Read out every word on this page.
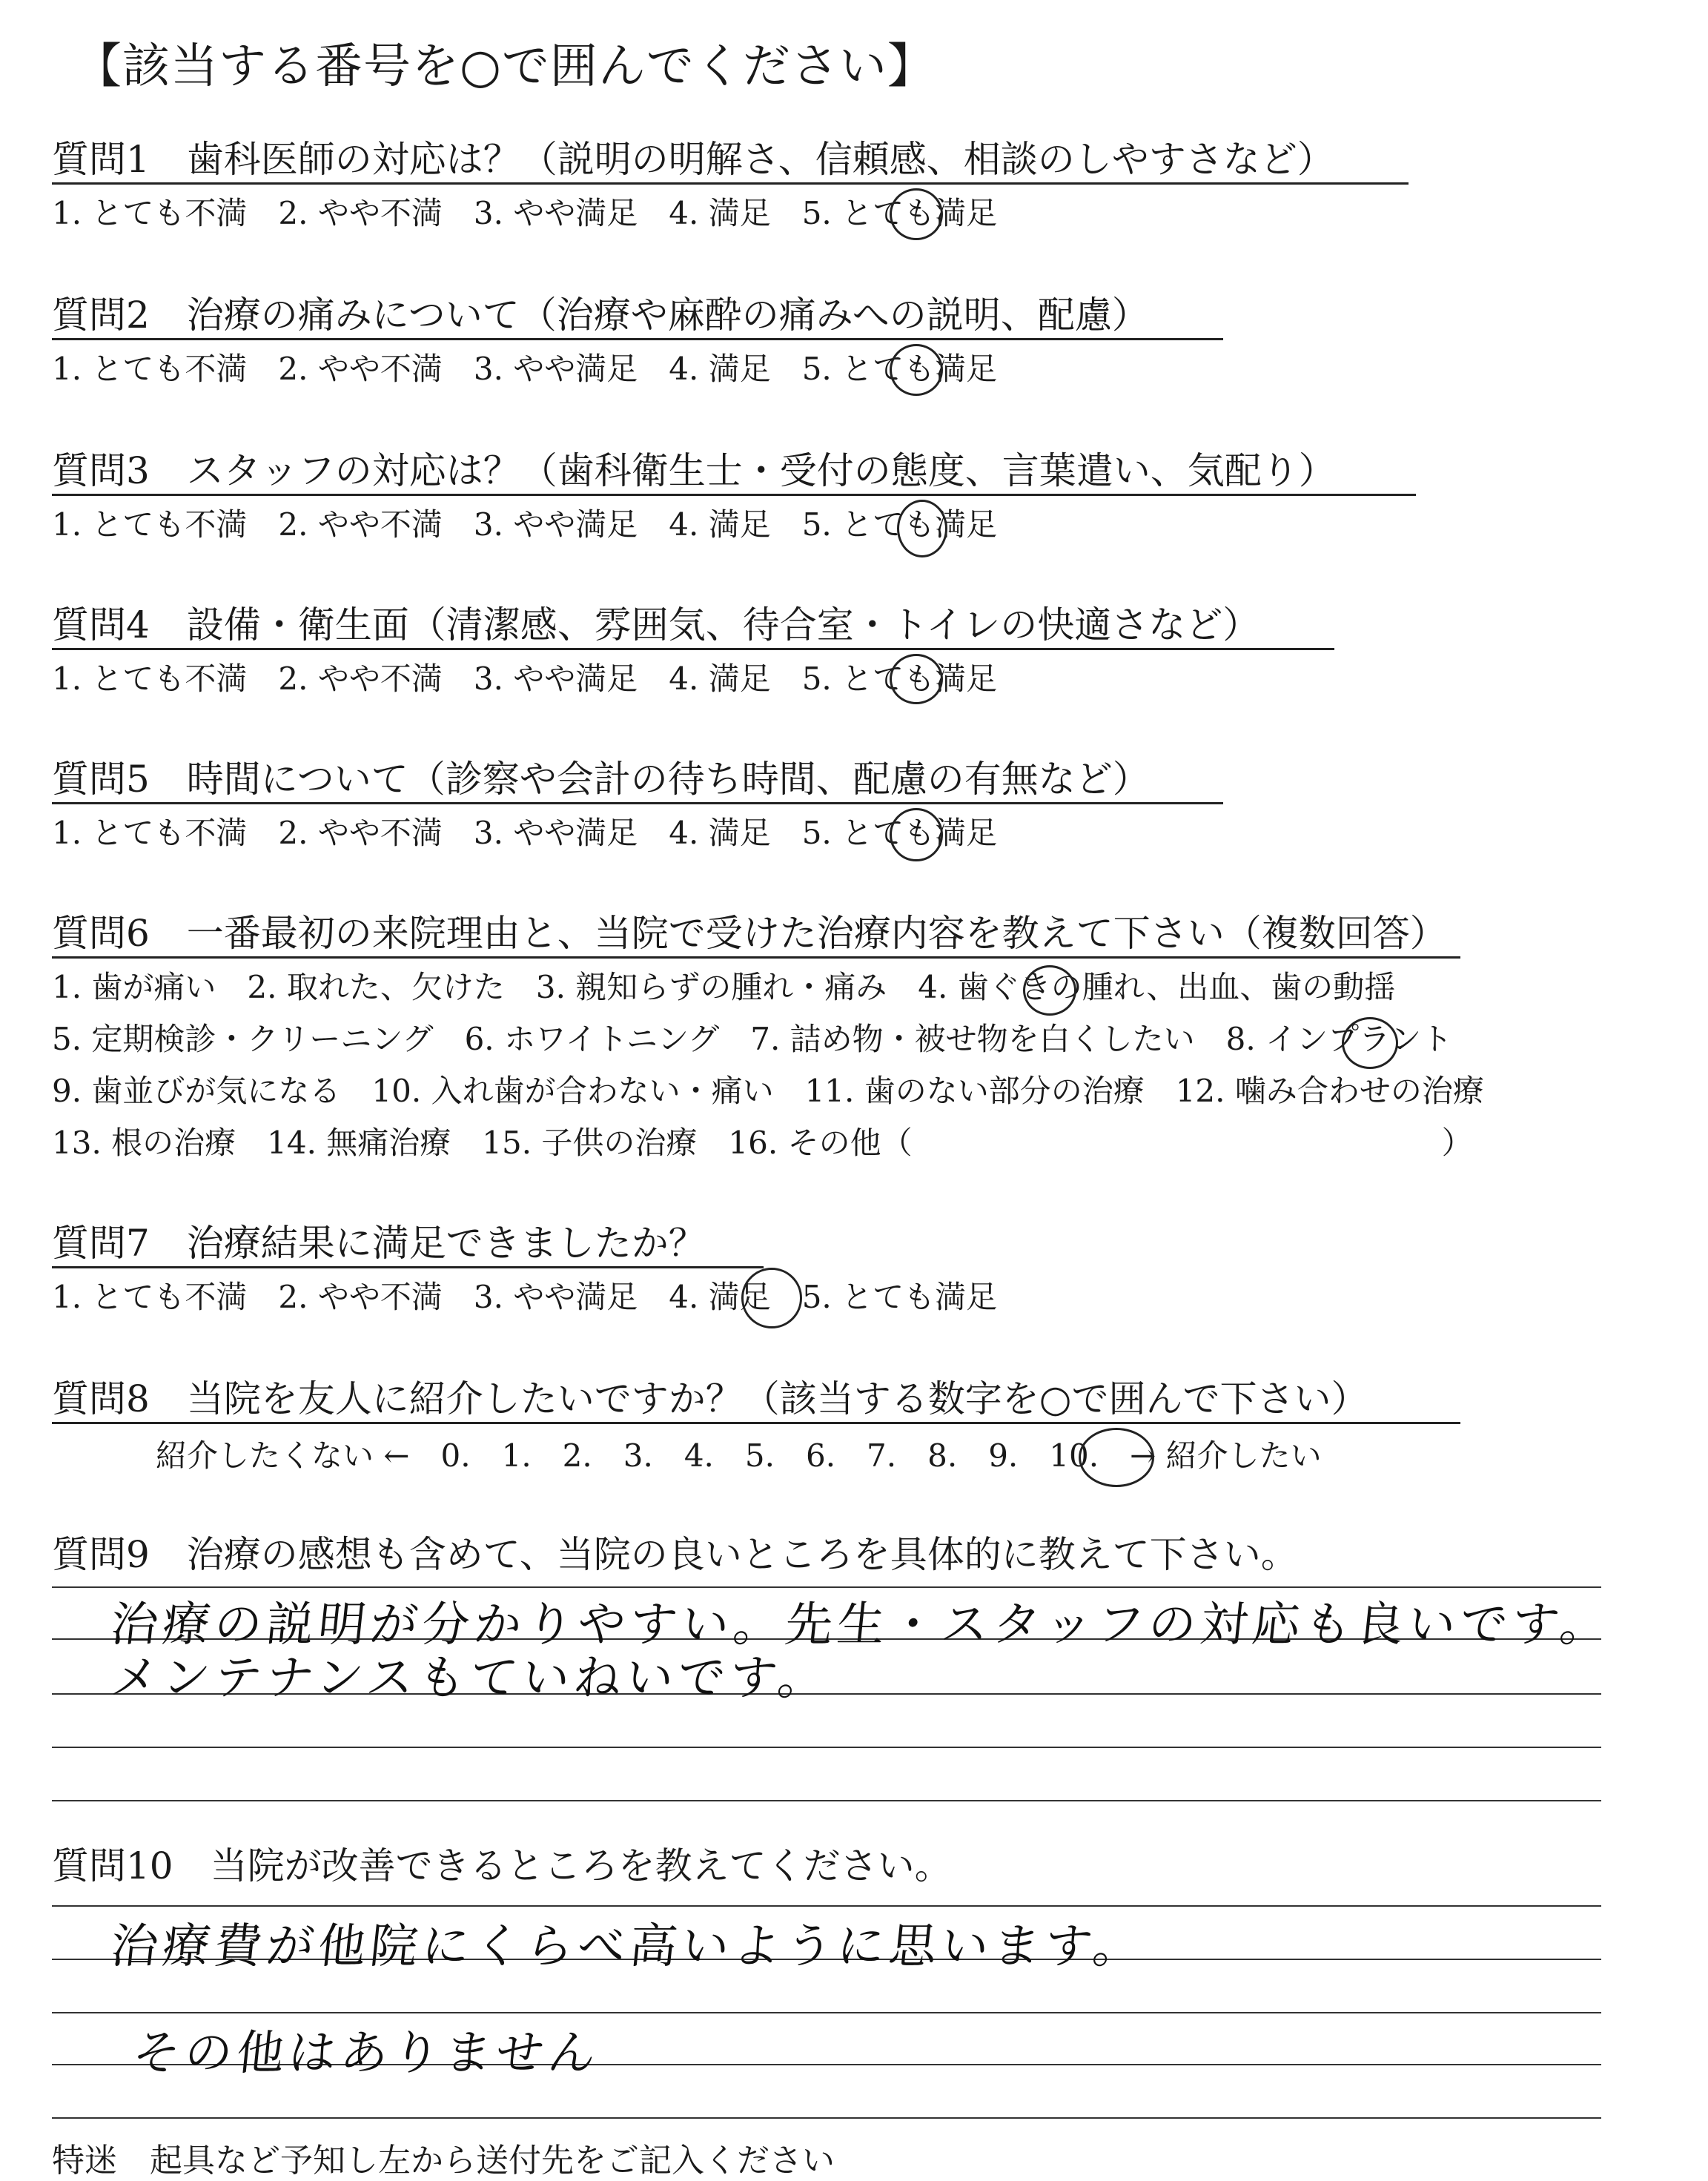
【該当する番号を○で囲んでください】
質問1　歯科医師の対応は？（説明の明解さ、信頼感、相談のしやすさなど）
1. とても不満　2. やや不満　3. やや満足　4. 満足　5. とても満足
質問2　治療の痛みについて（治療や麻酔の痛みへの説明、配慮）
1. とても不満　2. やや不満　3. やや満足　4. 満足　5. とても満足
質問3　スタッフの対応は？（歯科衛生士・受付の態度、言葉遣い、気配り）
1. とても不満　2. やや不満　3. やや満足　4. 満足　5. とても満足
質問4　設備・衛生面（清潔感、雰囲気、待合室・トイレの快適さなど）
1. とても不満　2. やや不満　3. やや満足　4. 満足　5. とても満足
質問5　時間について（診察や会計の待ち時間、配慮の有無など）
1. とても不満　2. やや不満　3. やや満足　4. 満足　5. とても満足
質問6　一番最初の来院理由と、当院で受けた治療内容を教えて下さい（複数回答）
1. 歯が痛い　2. 取れた、欠けた　3. 親知らずの腫れ・痛み　4. 歯ぐきの腫れ、出血、歯の動揺
5. 定期検診・クリーニング　6. ホワイトニング　7. 詰め物・被せ物を白くしたい　8. インプラント
9. 歯並びが気になる　10. 入れ歯が合わない・痛い　11. 歯のない部分の治療　12. 噛み合わせの治療
13. 根の治療　14. 無痛治療　15. 子供の治療　16. その他（　　　　　　　　　　　　　　　　　）
質問7　治療結果に満足できましたか？
1. とても不満　2. やや不満　3. やや満足　4. 満足　5. とても満足
質問8　当院を友人に紹介したいですか？（該当する数字を○で囲んで下さい）
紹介したくない ←　0.　1.　2.　3.　4.　5.　6.　7.　8.　9.　10.　→ 紹介したい
質問9　治療の感想も含めて、当院の良いところを具体的に教えて下さい。
治療の説明が分かりやすい。先生・スタッフの対応も良いです。
メンテナンスもていねいです。
質問10　当院が改善できるところを教えてください。
治療費が他院にくらべ高いように思います。
その他はありません
特迷　起具など予知し左から送付先をご記入ください
